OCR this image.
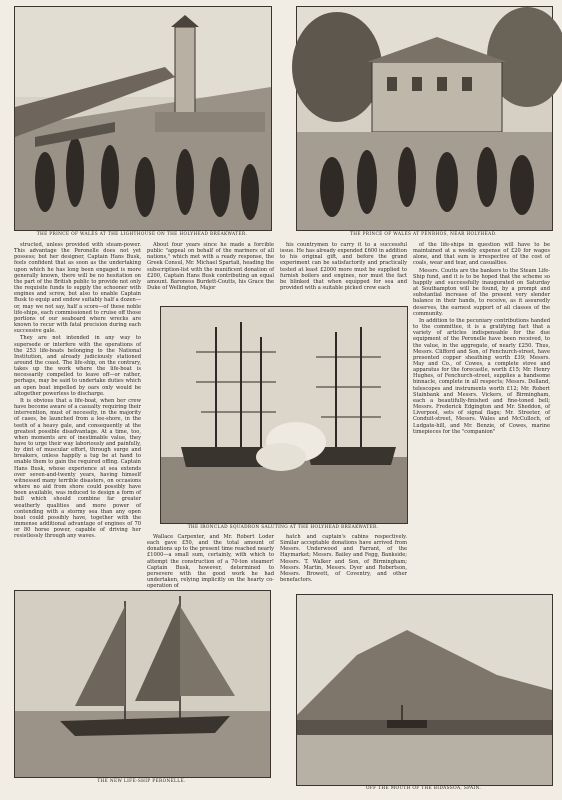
THE PRINCE OF WALES AT THE LIGHTHOUSE ON THE HOLYHEAD BREAKWATER.	THE PRINCE OF WALES AT PENRHOS, NEAR HOLYHEAD.

structed, unless provided with steam-power. This advantage the Peronelle does not yet possess; but her designer, Captain Hans Busk, feels confident that as soon as the undertaking upon which he has long been engaged is more generally known, there will be no hesitation on the part of the British public to provide not only the requisite funds to supply the schooner with engines and screw, but also to enable Captain Busk to equip and endow suitably half a dozen—or, may we not say, half a score—of these noble life-ships, each commissioned to cruise off those portions of our seaboard where wrecks are known to recur with fatal precision during each successive gale.

They are not intended in any way to supersede or interfere with the operations of the 253 life-boats belonging to the National Institution, and already judiciously stationed around the coast. The life-ship, on the contrary, takes up the work where the life-boat is necessarily compelled to leave off—or rather, perhaps, may be said to undertake duties which an open boat impelled by oars only would be altogether powerless to discharge.

It is obvious that a life-boat, when her crew have become aware of a casualty requiring their intervention, must of necessity, in the majority of cases, be launched from a lee-shore, in the teeth of a heavy gale, and consequently at the greatest possible disadvantage. At a time, too, when moments are of inestimable value, they have to urge their way laboriously and painfully, by dint of muscular effort, through surge and breakers, unless happily a tug be at hand to enable them to gain the required offing. Captain Hans Busk, whose experience at sea extends over seven-and-twenty years, having himself witnessed many terrible disasters, on occasions where no aid from shore could possibly have been available, was induced to design a form of hull which should combine far greater weatherly qualities and more power of contending with a stormy sea than any open boat could possibly have, together with the immense additional advantage of engines of 70 or 80 horse power, capable of driving her resistlessly through any waves.

About four years since he made a forcible public "appeal on behalf of the mariners of all nations," which met with a ready response, the Greek Consul, Mr. Michael Spartali, heading the subscription-list with the munificent donation of £200, Captain Hans Busk contributing an equal amount. Baroness Burdett-Coutts, his Grace the Duke of Wellington, Major

his countrymen to carry it to a successful issue. He has already expended £600 in addition to his original gift, and before the grand experiment can be satisfactorily and practically tested at least £2000 more must be supplied to furnish boilers and engines, nor must the fact be blinked that when equipped for sea and provided with a suitable picked crew each

of the life-ships in question will have to be maintained at a weekly expense of £20 for wages alone, and that sum is irrespective of the cost of coals, wear and tear, and casualties.

Messrs. Coutts are the bankers to the Steam Life-Ship fund, and it is to be hoped that the scheme so happily and successfully inaugurated on Saturday at Southampton will be found, by a prompt and substantial increase of the present very slender balance in their hands, to receive, as it assuredly deserves, the earnest support of all classes of the community.

In addition to the pecuniary contributions handed to the committee, it is a gratifying fact that a variety of articles indispensable for the due equipment of the Peronelle have been received, to the value, in the aggregate, of nearly £250. Thus, Messrs. Clifford and Son, of Fenchurch-street, have presented copper sheathing worth £39; Messrs. May and Co., of Cowes, a complete stove and apparatus for the forecastle, worth £15; Mr. Henry Hughes, of Fenchurch-street, supplies a handsome binnacle, complete in all respects; Messrs. Dolland, telescopes and instruments worth £12; Mr. Robert Stainbank and Messrs. Vickers, of Birmingham, each a beautifully-finished and fine-toned bell; Messrs. Frederick Edgington and Mr. Sheddon, of Liverpool, sets of signal flags; Mr. Streeter, of Conduit-street, Messrs. Wales and McCulloch, of Ludgate-hill, and Mr. Benzie, of Cowes, marine timepieces for the "companion"

THE IRONCLAD SQUADRON SALUTING AT THE HOLYHEAD BREAKWATER.

Wallace Carpenter, and Mr. Robert Loder each gave £50, and the total amount of donations up to the present time reached nearly £1000—a small sum, certainly, with which to attempt the construction of a 70-ton steamer! Captain Busk, however, determined to persevere with the good work he had undertaken, relying implicitly on the hearty co-operation of

hatch and captain's cabins respectively. Similar acceptable donations have arrived from Messrs. Underwood and Farrant, of the Haymarket; Messrs. Bailey and Fegg, Bankside; Messrs. T. Walker and Son, of Birmingham; Messrs. Martin, Messrs. Dyer and Robertson, Messrs. Browett, of Coventry, and other benefactors.

THE NEW LIFE-SHIP PERONELLE.
OFF THE MOUTH OF THE BIDASSOA, SPAIN.
